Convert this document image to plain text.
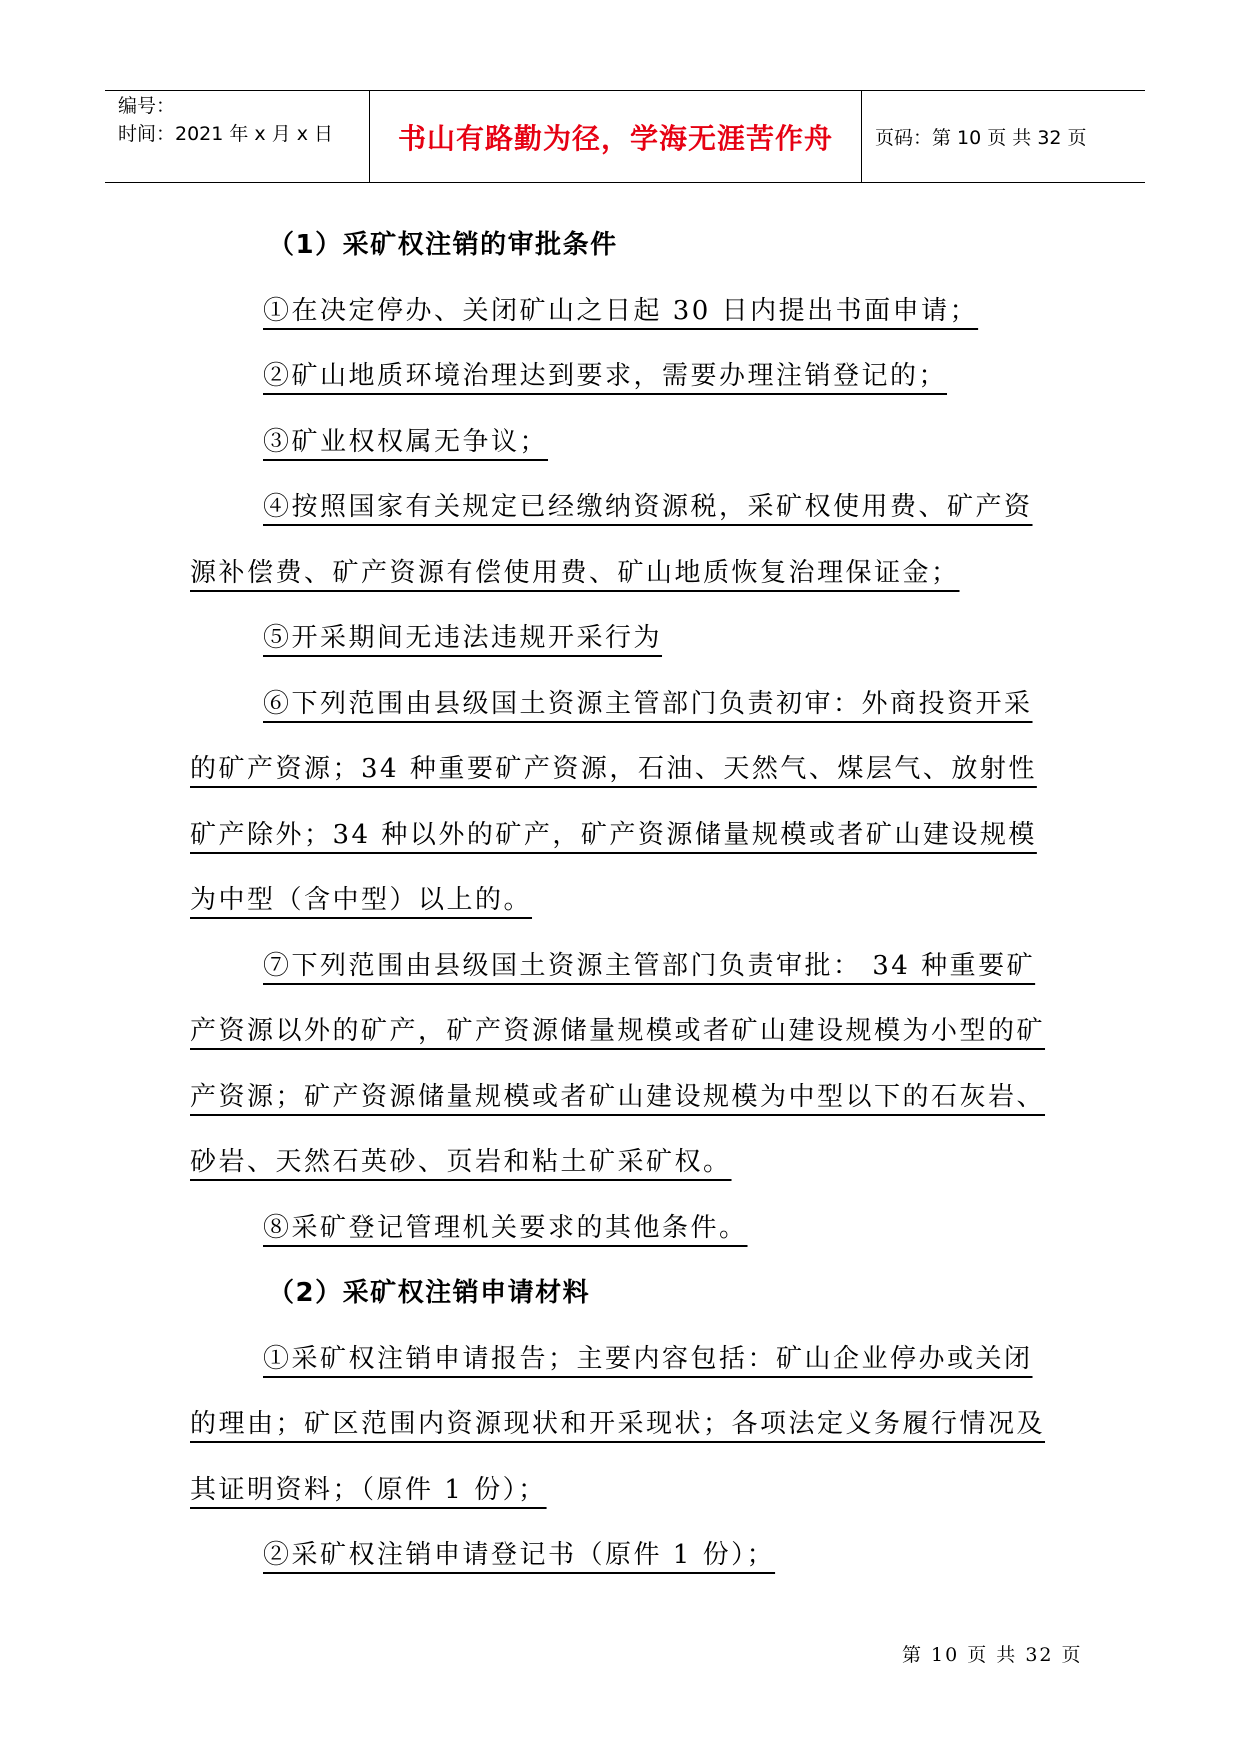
编号：
时间：2021 年 x 月 x 日 书山有路勤为径，学海无涯苦作舟 页码：第 10 页 共 32 页
（1）采矿权注销的审批条件
①在决定停办、关闭矿山之日起 30 日内提出书面申请；
②矿山地质环境治理达到要求，需要办理注销登记的；
③矿业权权属无争议；
④按照国家有关规定已经缴纳资源税，采矿权使用费、矿产资
源补偿费、矿产资源有偿使用费、矿山地质恢复治理保证金；
⑤开采期间无违法违规开采行为
⑥下列范围由县级国土资源主管部门负责初审：外商投资开采
的矿产资源；34 种重要矿产资源，石油、天然气、煤层气、放射性
矿产除外；34 种以外的矿产，矿产资源储量规模或者矿山建设规模
为中型（含中型）以上的。
⑦下列范围由县级国土资源主管部门负责审批： 34 种重要矿
产资源以外的矿产，矿产资源储量规模或者矿山建设规模为小型的矿
产资源；矿产资源储量规模或者矿山建设规模为中型以下的石灰岩、
砂岩、天然石英砂、页岩和粘土矿采矿权。
⑧采矿登记管理机关要求的其他条件。
（2）采矿权注销申请材料
①采矿权注销申请报告；主要内容包括：矿山企业停办或关闭
的理由；矿区范围内资源现状和开采现状；各项法定义务履行情况及
其证明资料；（原件 1 份）；
②采矿权注销申请登记书（原件 1 份）；
第 10 页 共 32 页
